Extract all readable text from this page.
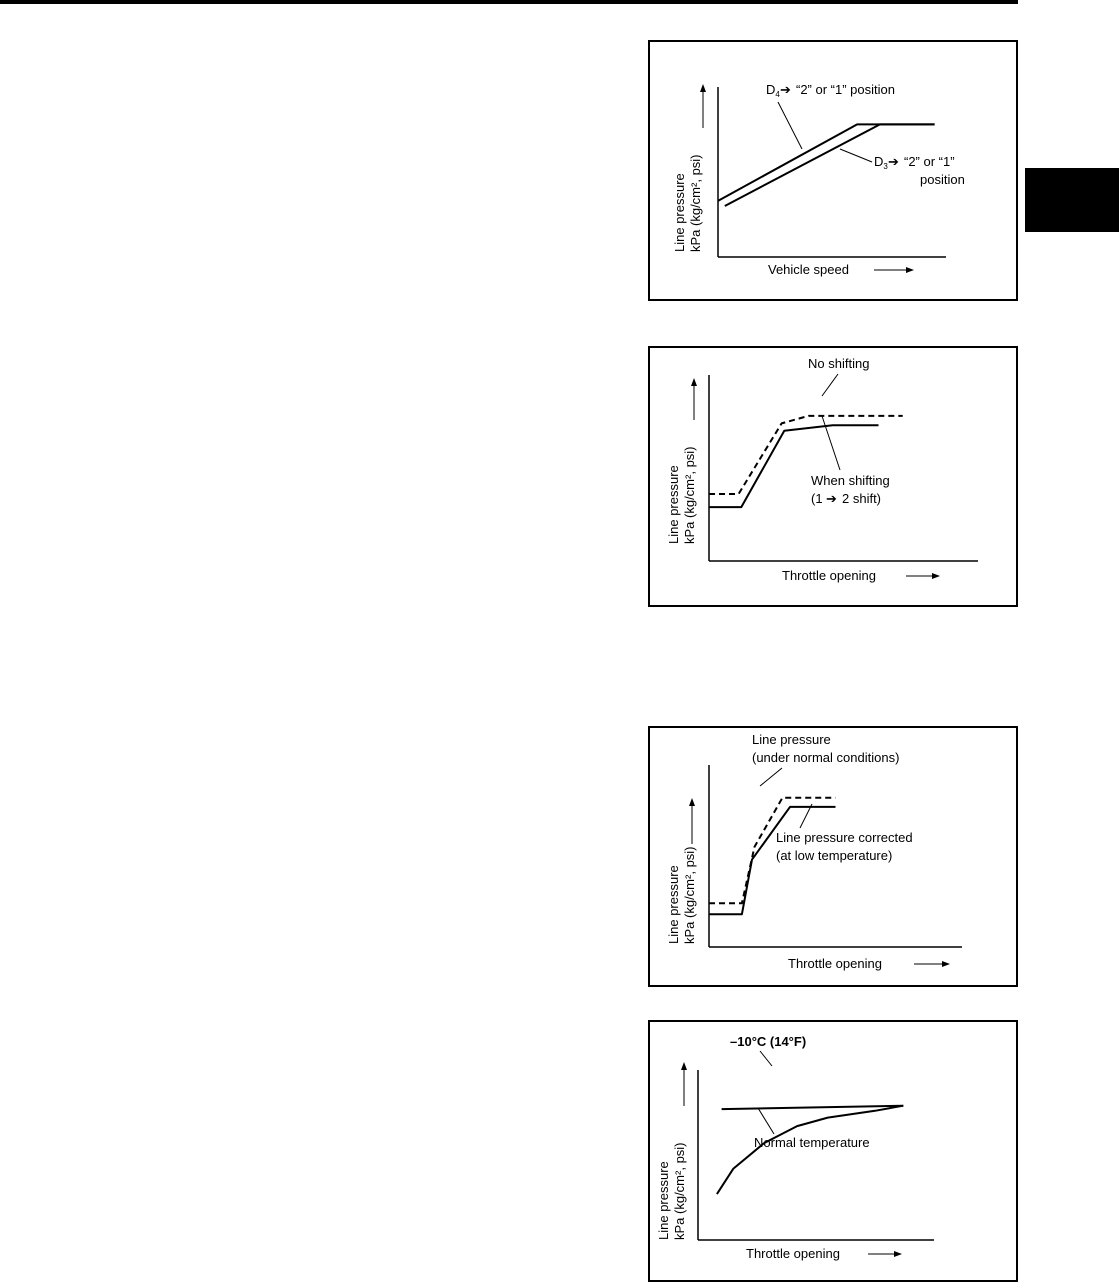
$D_4$ ➔ “2” or “1” position
$D_3$ ➔ “2” or “1”
position
Vehicle speed
Line pressure kPa (kg/cm², psi)
No shifting
When shifting
(1 ➔ 2 shift)
Throttle opening
Line pressure kPa (kg/cm², psi)
Line pressure
(under normal conditions)
Line pressure corrected
(at low temperature)
Throttle opening
Line pressure kPa (kg/cm², psi)
–10°C (14°F)
Normal temperature
Throttle opening
Line pressure kPa (kg/cm², psi)
